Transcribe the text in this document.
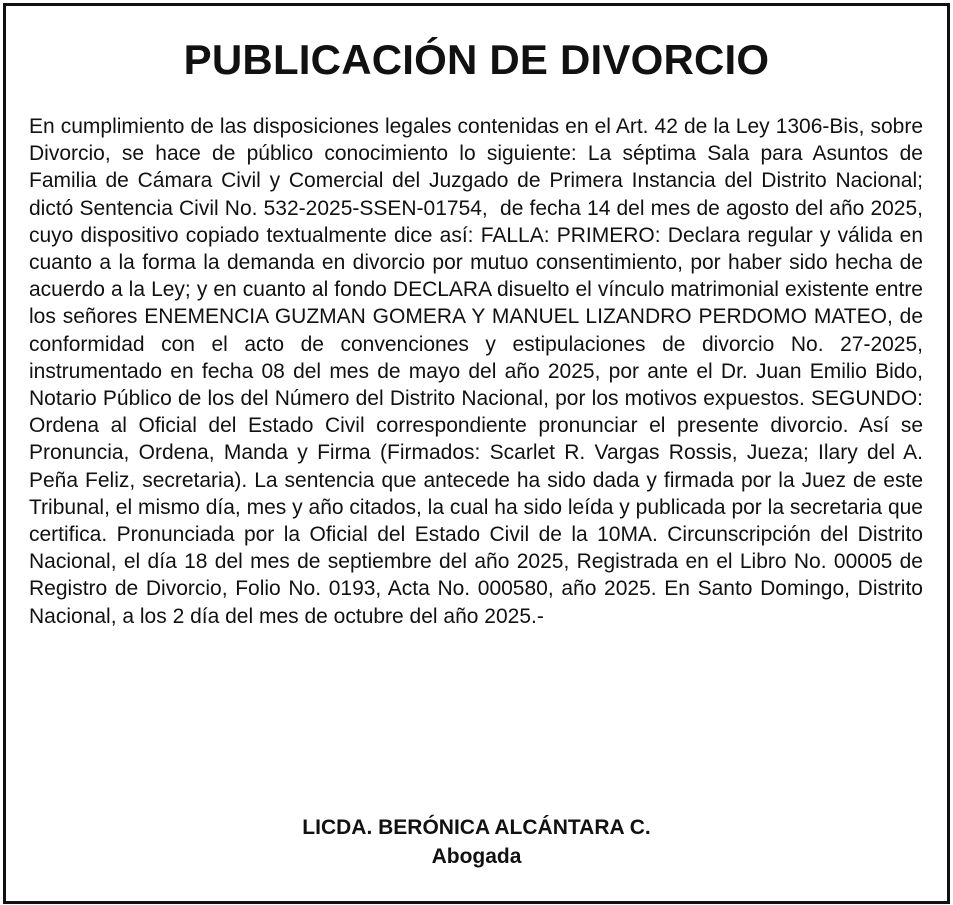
PUBLICACIÓN DE DIVORCIO

En cumplimiento de las disposiciones legales contenidas en el Art. 42 de la Ley 1306-Bis, sobre Divorcio, se hace de público conocimiento lo siguiente: La séptima Sala para Asuntos de Familia de Cámara Civil y Comercial del Juzgado de Primera Instancia del Distrito Nacional; dictó Sentencia Civil No. 532-2025-SSEN-01754,  de fecha 14 del mes de agosto del año 2025, cuyo dispositivo copiado textualmente dice así: FALLA: PRIMERO: Declara regular y válida en cuanto a la forma la demanda en divorcio por mutuo consentimiento, por haber sido hecha de acuerdo a la Ley; y en cuanto al fondo DECLARA disuelto el vínculo matrimonial existente entre los señores ENEMENCIA GUZMAN GOMERA Y MANUEL LIZANDRO PERDOMO MATEO, de conformidad con el acto de convenciones y estipulaciones de divorcio No. 27-2025, instrumentado en fecha 08 del mes de mayo del año 2025, por ante el Dr. Juan Emilio Bido, Notario Público de los del Número del Distrito Nacional, por los motivos expuestos. SEGUNDO: Ordena al Oficial del Estado Civil correspondiente pronunciar el presente divorcio. Así se Pronuncia, Ordena, Manda y Firma (Firmados: Scarlet R. Vargas Rossis, Jueza; Ilary del A. Peña Feliz, secretaria). La sentencia que antecede ha sido dada y firmada por la Juez de este Tribunal, el mismo día, mes y año citados, la cual ha sido leída y publicada por la secretaria que certifica. Pronunciada por la Oficial del Estado Civil de la 10MA. Circunscripción del Distrito Nacional, el día 18 del mes de septiembre del año 2025, Registrada en el Libro No. 00005 de Registro de Divorcio, Folio No. 0193, Acta No. 000580, año 2025. En Santo Domingo, Distrito Nacional, a los 2 día del mes de octubre del año 2025.-

LICDA. BERÓNICA ALCÁNTARA C.
Abogada
